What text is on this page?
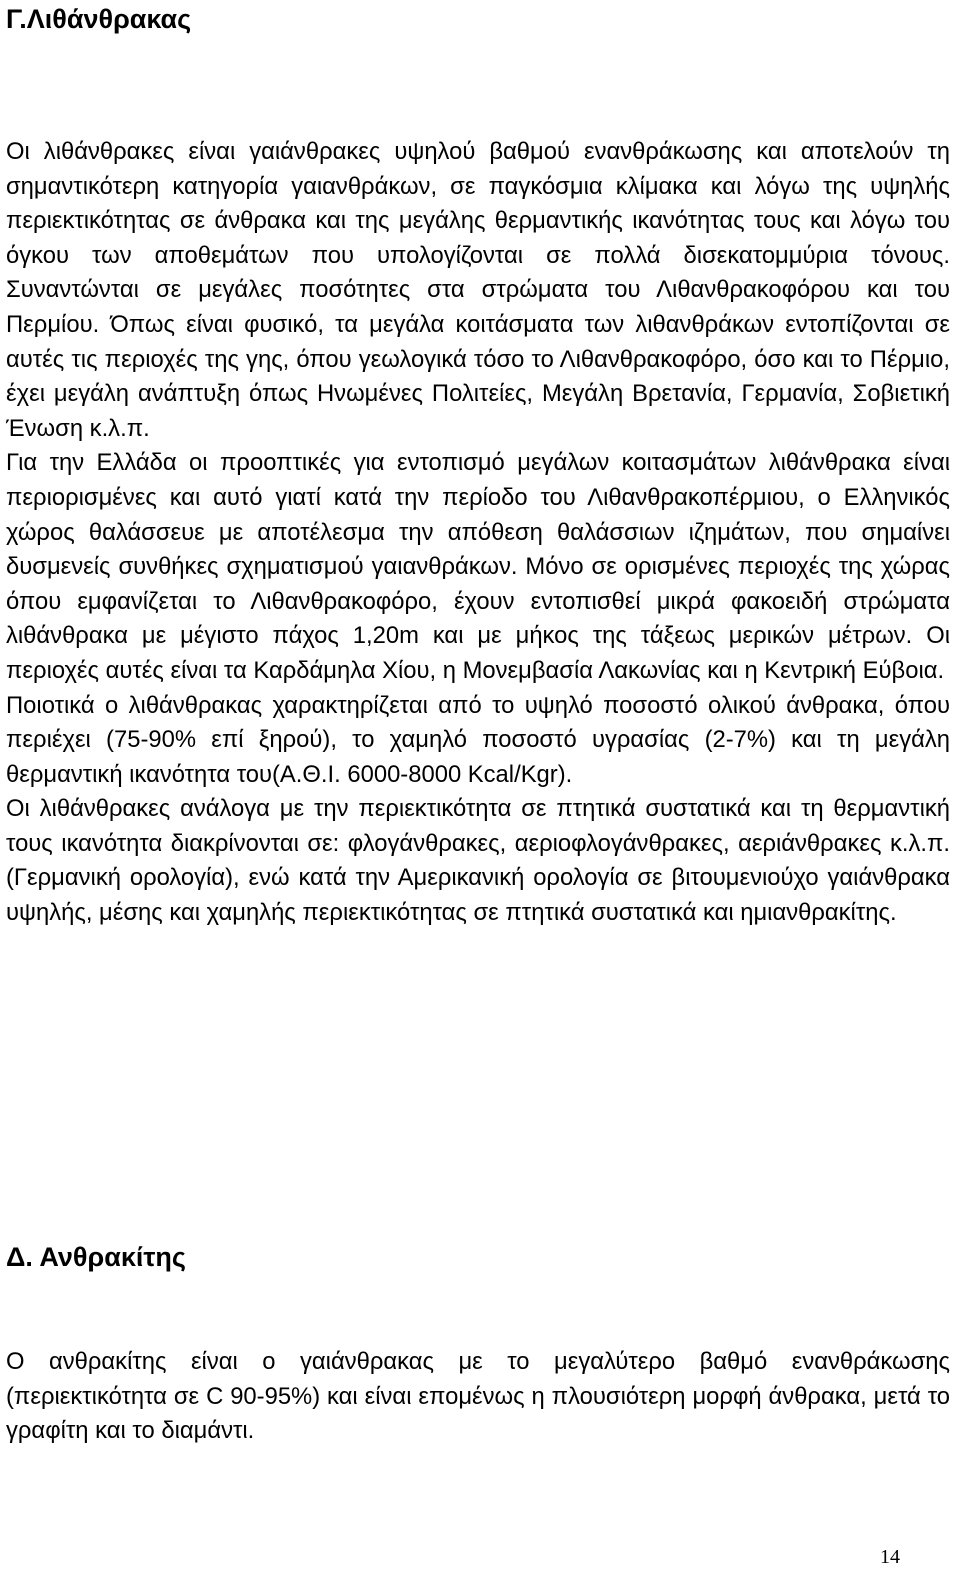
Γ.Λιθάνθρακας

Οι λιθάνθρακες είναι γαιάνθρακες υψηλού βαθμού ενανθράκωσης και αποτελούν τη σημαντικότερη κατηγορία γαιανθράκων, σε παγκόσμια κλίμακα και λόγω της υψηλής περιεκτικότητας σε άνθρακα και της μεγάλης θερμαντικής ικανότητας τους και λόγω του όγκου των αποθεμάτων που υπολογίζονται σε πολλά δισεκατομμύρια τόνους. Συναντώνται σε μεγάλες ποσότητες στα στρώματα του Λιθανθρακοφόρου και του Περμίου. Όπως είναι φυσικό, τα μεγάλα κοιτάσματα των λιθανθράκων εντοπίζονται σε αυτές τις περιοχές της γης, όπου γεωλογικά τόσο το Λιθανθρακοφόρο, όσο και το Πέρμιο, έχει μεγάλη ανάπτυξη όπως Ηνωμένες Πολιτείες, Μεγάλη Βρετανία, Γερμανία, Σοβιετική Ένωση κ.λ.π.

Για την Ελλάδα οι προοπτικές για εντοπισμό μεγάλων κοιτασμάτων λιθάνθρακα είναι περιορισμένες και αυτό γιατί κατά την περίοδο του Λιθανθρακοπέρμιου, ο Ελληνικός χώρος θαλάσσευε με αποτέλεσμα την απόθεση θαλάσσιων ιζημάτων, που σημαίνει δυσμενείς συνθήκες σχηματισμού γαιανθράκων. Μόνο σε ορισμένες περιοχές της χώρας όπου εμφανίζεται το Λιθανθρακοφόρο, έχουν εντοπισθεί μικρά φακοειδή στρώματα λιθάνθρακα με μέγιστο πάχος 1,20m και με μήκος της τάξεως μερικών μέτρων. Οι περιοχές αυτές είναι τα Καρδάμηλα Χίου, η Μονεμβασία Λακωνίας και η Κεντρική Εύβοια.

Ποιοτικά ο λιθάνθρακας χαρακτηρίζεται από το υψηλό ποσοστό ολικού άνθρακα, όπου περιέχει (75-90% επί ξηρού), το χαμηλό ποσοστό υγρασίας (2-7%) και τη μεγάλη θερμαντική ικανότητα του(Α.Θ.Ι. 6000-8000 Kcal/Kgr).

Οι λιθάνθρακες ανάλογα με την περιεκτικότητα σε πτητικά συστατικά και τη θερμαντική τους ικανότητα διακρίνονται σε: φλογάνθρακες, αεριοφλογάνθρακες, αεριάνθρακες κ.λ.π. (Γερμανική ορολογία), ενώ κατά την Αμερικανική ορολογία σε βιτουμενιούχο γαιάνθρακα υψηλής, μέσης και χαμηλής περιεκτικότητας σε πτητικά συστατικά και ημιανθρακίτης.

Δ. Ανθρακίτης

Ο ανθρακίτης είναι ο γαιάνθρακας με το μεγαλύτερο βαθμό ενανθράκωσης (περιεκτικότητα σε C 90-95%) και είναι επομένως η πλουσιότερη μορφή άνθρακα, μετά το γραφίτη και το διαμάντι.

14
